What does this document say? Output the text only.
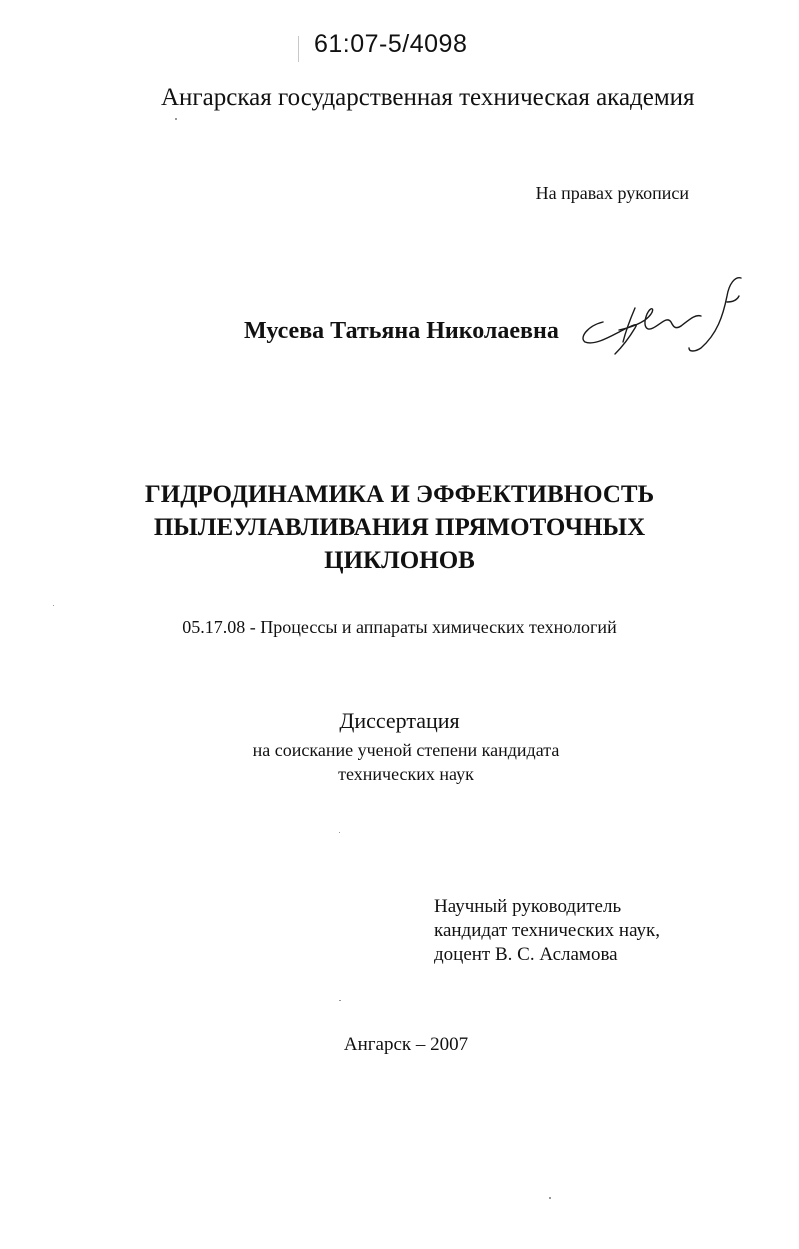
61:07-5/4098
Ангарская государственная техническая академия
На правах рукописи
Мусева Татьяна Николаевна
ГИДРОДИНАМИКА И ЭФФЕКТИВНОСТЬ
ПЫЛЕУЛАВЛИВАНИЯ ПРЯМОТОЧНЫХ
ЦИКЛОНОВ
05.17.08 - Процессы и аппараты химических технологий
Диссертация
на соискание ученой степени кандидата
технических наук
Научный руководитель
кандидат технических наук,
доцент В. С. Асламова
Ангарск – 2007
